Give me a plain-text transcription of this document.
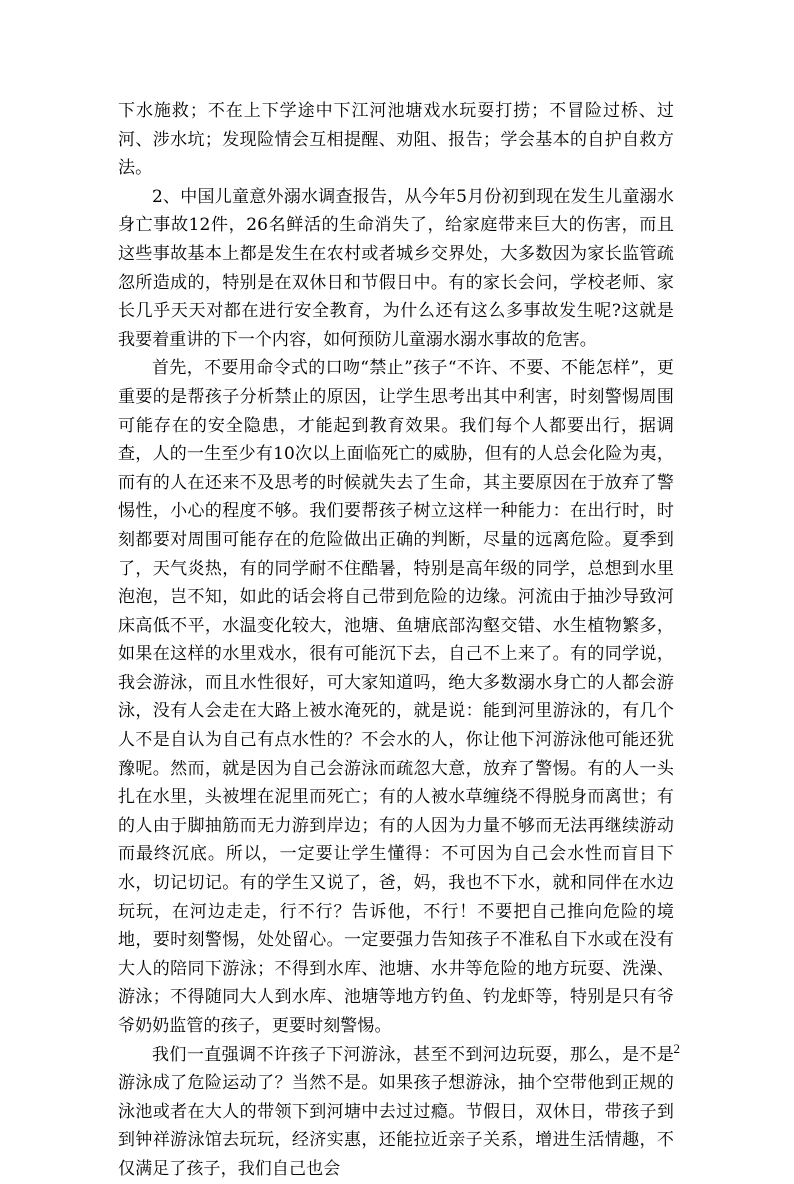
下水施救；不在上下学途中下江河池塘戏水玩耍打捞；不冒险过桥、过河、涉水坑；发现险情会互相提醒、劝阻、报告；学会基本的自护自救方法。

2、中国儿童意外溺水调查报告，从今年5月份初到现在发生儿童溺水身亡事故12件，26名鲜活的生命消失了，给家庭带来巨大的伤害，而且这些事故基本上都是发生在农村或者城乡交界处，大多数因为家长监管疏忽所造成的，特别是在双休日和节假日中。有的家长会问，学校老师、家长几乎天天对都在进行安全教育，为什么还有这么多事故发生呢?这就是我要着重讲的下一个内容，如何预防儿童溺水溺水事故的危害。

首先，不要用命令式的口吻“禁止”孩子“不许、不要、不能怎样”，更重要的是帮孩子分析禁止的原因，让学生思考出其中利害，时刻警惕周围可能存在的安全隐患，才能起到教育效果。我们每个人都要出行，据调查，人的一生至少有10次以上面临死亡的威胁，但有的人总会化险为夷，而有的人在还来不及思考的时候就失去了生命，其主要原因在于放弃了警惕性，小心的程度不够。我们要帮孩子树立这样一种能力：在出行时，时刻都要对周围可能存在的危险做出正确的判断，尽量的远离危险。夏季到了，天气炎热，有的同学耐不住酷暑，特别是高年级的同学，总想到水里泡泡，岂不知，如此的话会将自己带到危险的边缘。河流由于抽沙导致河床高低不平，水温变化较大，池塘、鱼塘底部沟壑交错、水生植物繁多，如果在这样的水里戏水，很有可能沉下去，自己不上来了。有的同学说，我会游泳，而且水性很好，可大家知道吗，绝大多数溺水身亡的人都会游泳，没有人会走在大路上被水淹死的，就是说：能到河里游泳的，有几个人不是自认为自己有点水性的？不会水的人，你让他下河游泳他可能还犹豫呢。然而，就是因为自己会游泳而疏忽大意，放弃了警惕。有的人一头扎在水里，头被埋在泥里而死亡；有的人被水草缠绕不得脱身而离世；有的人由于脚抽筋而无力游到岸边；有的人因为力量不够而无法再继续游动而最终沉底。所以，一定要让学生懂得：不可因为自己会水性而盲目下水，切记切记。有的学生又说了，爸，妈，我也不下水，就和同伴在水边玩玩，在河边走走，行不行？告诉他，不行！不要把自己推向危险的境地，要时刻警惕，处处留心。一定要强力告知孩子不准私自下水或在没有大人的陪同下游泳；不得到水库、池塘、水井等危险的地方玩耍、洗澡、游泳；不得随同大人到水库、池塘等地方钓鱼、钓龙虾等，特别是只有爷爷奶奶监管的孩子，更要时刻警惕。

我们一直强调不许孩子下河游泳，甚至不到河边玩耍，那么，是不是游泳成了危险运动了？当然不是。如果孩子想游泳，抽个空带他到正规的泳池或者在大人的带领下到河塘中去过过瘾。节假日，双休日，带孩子到到钟祥游泳馆去玩玩，经济实惠，还能拉近亲子关系，增进生活情趣，不仅满足了孩子，我们自己也会

2
